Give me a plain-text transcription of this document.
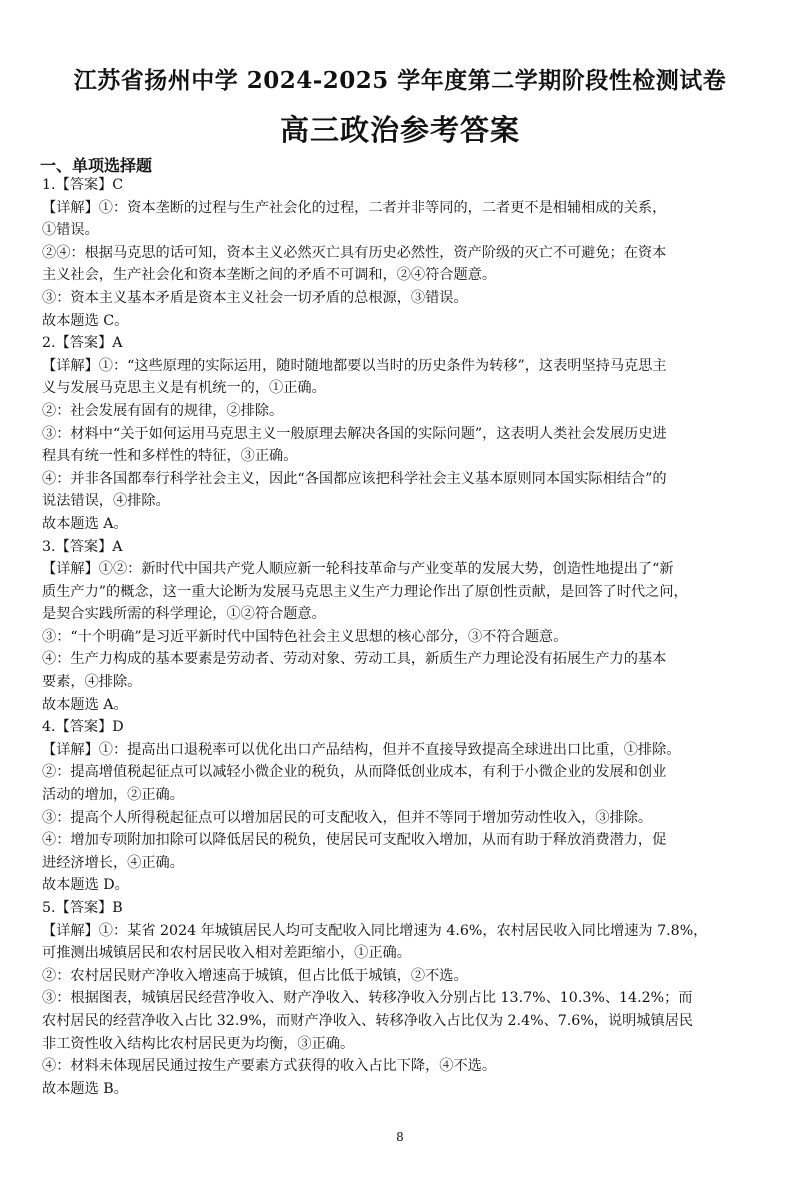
江苏省扬州中学 2024-2025 学年度第二学期阶段性检测试卷
高三政治参考答案
一、单项选择题

1.【答案】C

【详解】①：资本垄断的过程与生产社会化的过程，二者并非等同的，二者更不是相辅相成的关系，

①错误。

②④：根据马克思的话可知，资本主义必然灭亡具有历史必然性，资产阶级的灭亡不可避免；在资本

主义社会，生产社会化和资本垄断之间的矛盾不可调和，②④符合题意。

③：资本主义基本矛盾是资本主义社会一切矛盾的总根源，③错误。

故本题选 C。

2.【答案】A

【详解】①：“这些原理的实际运用，随时随地都要以当时的历史条件为转移”，这表明坚持马克思主

义与发展马克思主义是有机统一的，①正确。

②：社会发展有固有的规律，②排除。

③：材料中“关于如何运用马克思主义一般原理去解决各国的实际问题”，这表明人类社会发展历史进

程具有统一性和多样性的特征，③正确。

④：并非各国都奉行科学社会主义，因此“各国都应该把科学社会主义基本原则同本国实际相结合”的

说法错误，④排除。

故本题选 A。

3.【答案】A

【详解】①②：新时代中国共产党人顺应新一轮科技革命与产业变革的发展大势，创造性地提出了“新

质生产力”的概念，这一重大论断为发展马克思主义生产力理论作出了原创性贡献，是回答了时代之问，

是契合实践所需的科学理论，①②符合题意。

③：“十个明确”是习近平新时代中国特色社会主义思想的核心部分，③不符合题意。

④：生产力构成的基本要素是劳动者、劳动对象、劳动工具，新质生产力理论没有拓展生产力的基本

要素，④排除。

故本题选 A。

4.【答案】D

【详解】①：提高出口退税率可以优化出口产品结构，但并不直接导致提高全球进出口比重，①排除。

②：提高增值税起征点可以减轻小微企业的税负，从而降低创业成本，有利于小微企业的发展和创业

活动的增加，②正确。

③：提高个人所得税起征点可以增加居民的可支配收入，但并不等同于增加劳动性收入，③排除。

④：增加专项附加扣除可以降低居民的税负，使居民可支配收入增加，从而有助于释放消费潜力，促

进经济增长，④正确。

故本题选 D。

5.【答案】B

【详解】①：某省 2024 年城镇居民人均可支配收入同比增速为 4.6%，农村居民收入同比增速为 7.8%，

可推测出城镇居民和农村居民收入相对差距缩小，①正确。

②：农村居民财产净收入增速高于城镇，但占比低于城镇，②不选。

③：根据图表，城镇居民经营净收入、财产净收入、转移净收入分别占比 13.7%、10.3%、14.2%；而

农村居民的经营净收入占比 32.9%，而财产净收入、转移净收入占比仅为 2.4%、7.6%，说明城镇居民

非工资性收入结构比农村居民更为均衡，③正确。

④：材料未体现居民通过按生产要素方式获得的收入占比下降，④不选。

故本题选 B。

8
